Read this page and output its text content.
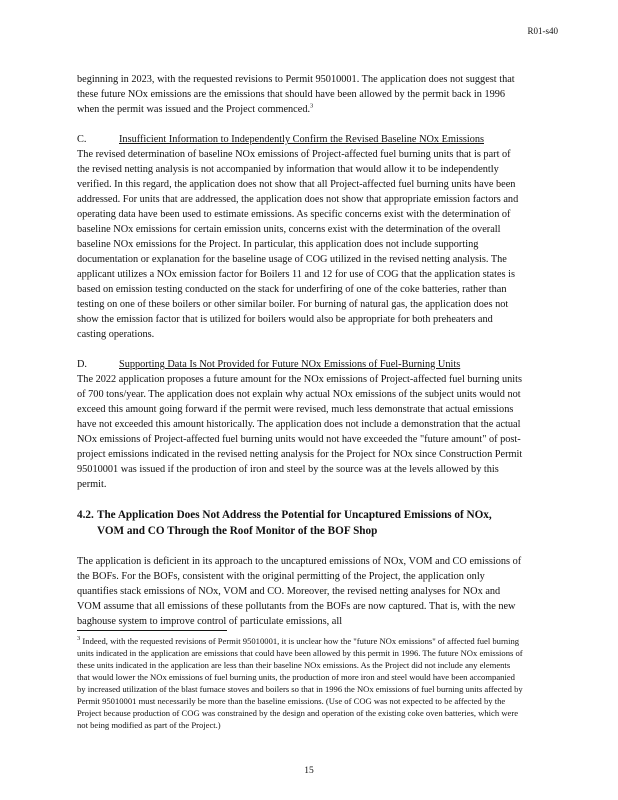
R01-s40

beginning in 2023, with the requested revisions to Permit 95010001. The application does not suggest that these future NOx emissions are the emissions that should have been allowed by the permit back in 1996 when the permit was issued and the Project commenced.$^3$

C.	Insufficient Information to Independently Confirm the Revised Baseline NOx Emissions

The revised determination of baseline NOx emissions of Project-affected fuel burning units that is part of the revised netting analysis is not accompanied by information that would allow it to be independently verified. In this regard, the application does not show that all Project-affected fuel burning units have been addressed. For units that are addressed, the application does not show that appropriate emission factors and operating data have been used to estimate emissions. As specific concerns exist with the determination of baseline NOx emissions for certain emission units, concerns exist with the determination of the overall baseline NOx emissions for the Project. In particular, this application does not include supporting documentation or explanation for the baseline usage of COG utilized in the revised netting analysis. The applicant utilizes a NOx emission factor for Boilers 11 and 12 for use of COG that the application states is based on emission testing conducted on the stack for underfiring of one of the coke batteries, rather than testing on one of these boilers or other similar boiler. For burning of natural gas, the application does not show the emission factor that is utilized for boilers would also be appropriate for both preheaters and casting operations.

D.	Supporting Data Is Not Provided for Future NOx Emissions of Fuel-Burning Units

The 2022 application proposes a future amount for the NOx emissions of Project-affected fuel burning units of 700 tons/year. The application does not explain why actual NOx emissions of the subject units would not exceed this amount going forward if the permit were revised, much less demonstrate that actual emissions have not exceeded this amount historically. The application does not include a demonstration that the actual NOx emissions of Project-affected fuel burning units would not have exceeded the "future amount" of post-project emissions indicated in the revised netting analysis for the Project for NOx since Construction Permit 95010001 was issued if the production of iron and steel by the source was at the levels allowed by this permit.

4.2. The Application Does Not Address the Potential for Uncaptured Emissions of NOx,
VOM and CO Through the Roof Monitor of the BOF Shop

The application is deficient in its approach to the uncaptured emissions of NOx, VOM and CO emissions of the BOFs. For the BOFs, consistent with the original permitting of the Project, the application only quantifies stack emissions of NOx, VOM and CO. Moreover, the revised netting analyses for NOx and VOM assume that all emissions of these pollutants from the BOFs are now captured. That is, with the new baghouse system to improve control of particulate emissions, all

$^3$ Indeed, with the requested revisions of Permit 95010001, it is unclear how the "future NOx emissions" of affected fuel burning units indicated in the application are emissions that could have been allowed by this permit in 1996. The future NOx emissions of these units indicated in the application are less than their baseline NOx emissions. As the Project did not include any elements that would lower the NOx emissions of fuel burning units, the production of more iron and steel would have been accompanied by increased utilization of the blast furnace stoves and boilers so that in 1996 the NOx emissions of fuel burning units affected by Permit 95010001 must necessarily be more than the baseline emissions. (Use of COG was not expected to be affected by the Project because production of COG was constrained by the design and operation of the existing coke oven batteries, which were not being modified as part of the Project.)

15
